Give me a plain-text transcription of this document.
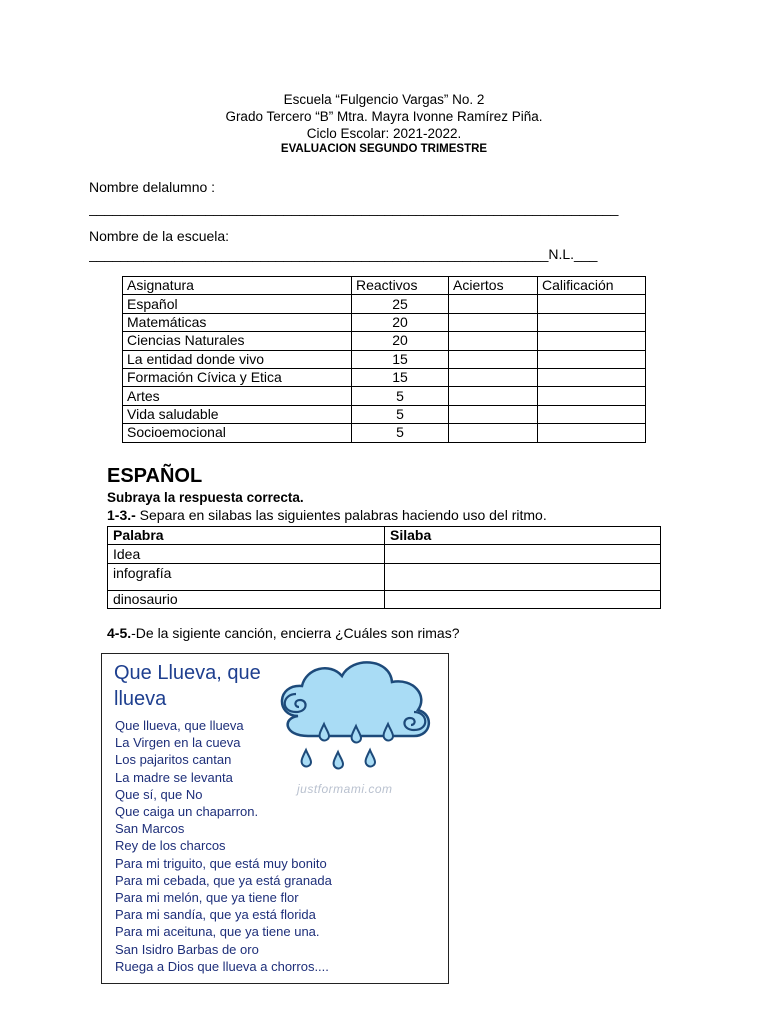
Escuela “Fulgencio Vargas” No. 2
Grado Tercero “B” Mtra. Mayra Ivonne Ramírez Piña.
Ciclo Escolar: 2021-2022.
EVALUACION SEGUNDO TRIMESTRE
Nombre delalumno :
____________________________________________________________________
Nombre de la escuela:
___________________________________________________________N.L.___
Asignatura	Reactivos	Aciertos	Calificación
Español	25		
Matemáticas	20		
Ciencias Naturales	20		
La entidad donde vivo	15		
Formación Cívica y Etica	15		
Artes	5		
Vida saludable	5		
Socioemocional	5		
ESPAÑOL
Subraya la respuesta correcta.
1-3.- Separa en silabas las siguientes palabras haciendo uso del ritmo.
Palabra	Silaba
Idea	
infografía	
dinosaurio	
4-5.-De la sigiente canción, encierra ¿Cuáles son rimas?
Que Llueva, que llueva
justformami.com
Que llueva, que llueva
La Virgen en la cueva
Los pajaritos cantan
La madre se levanta
Que sí, que No
Que caiga un chaparron.
San Marcos
Rey de los charcos
Para mi triguito, que está muy bonito
Para mi cebada, que ya está granada
Para mi melón, que ya tiene flor
Para mi sandía, que ya está florida
Para mi aceituna, que ya tiene una.
San Isidro Barbas de oro
Ruega a Dios que llueva a chorros....
